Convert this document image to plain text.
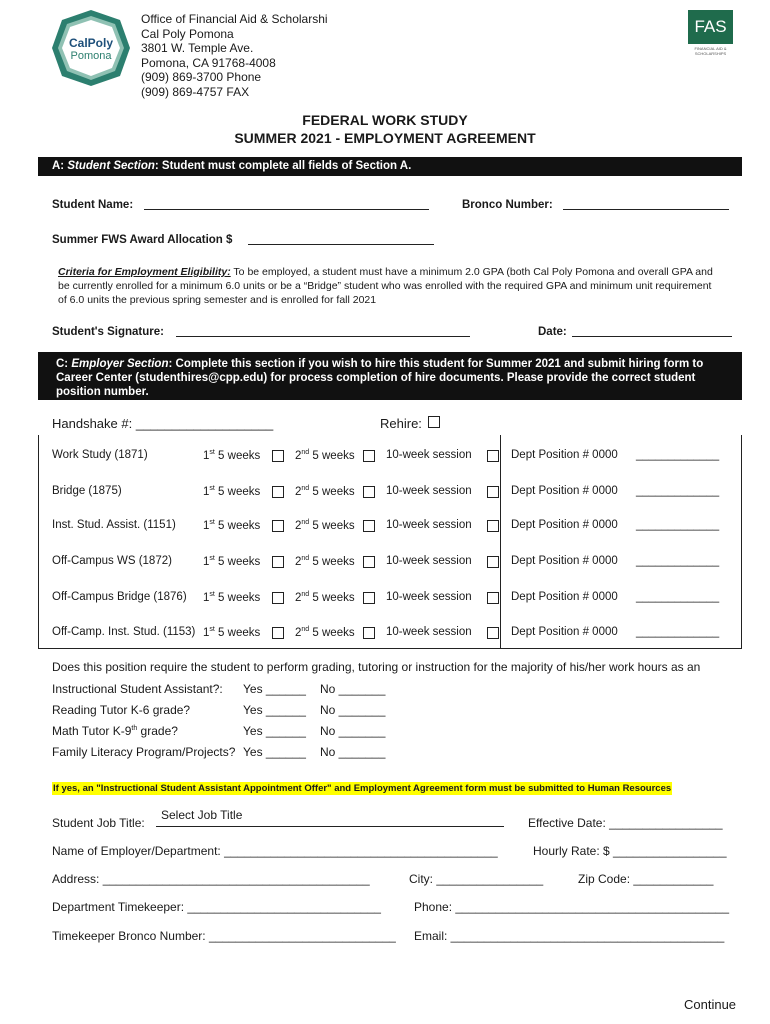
CalPoly
Pomona
Office of Financial Aid & Scholarshi
Cal Poly Pomona
3801 W. Temple Ave.
Pomona, CA 91768-4008
(909) 869-3700 Phone
(909) 869-4757 FAX
FAS
FINANCIAL AID &
SCHOLARSHIPS
FEDERAL WORK STUDY
SUMMER 2021 - EMPLOYMENT AGREEMENT
A: Student Section: Student must complete all fields of Section A.
Student Name:	Bronco Number:
Summer FWS Award Allocation $
Criteria for Employment Eligibility: To be employed, a student must have a minimum 2.0 GPA (both Cal Poly Pomona and overall GPA and be currently enrolled for a minimum 6.0 units or be a “Bridge” student who was enrolled with the required GPA and minimum unit requirement of 6.0 units the previous spring semester and is enrolled for fall 2021
Student's Signature:	Date:
C: Employer Section: Complete this section if you wish to hire this student for Summer 2021 and submit hiring form to Career Center (studenthires@cpp.edu) for process completion of hire documents. Please provide the correct student position number.
Handshake #: ___________________	Rehire:
Work Study (1871)	1st 5 weeks	2nd 5 weeks	10-week session	Dept Position # 0000 _____________
Bridge (1875)	1st 5 weeks	2nd 5 weeks	10-week session	Dept Position # 0000 _____________
Inst. Stud. Assist. (1151) 1st 5 weeks	2nd 5 weeks	10-week session	Dept Position # 0000 _____________
Off-Campus WS (1872)	1st 5 weeks	2nd 5 weeks	10-week session	Dept Position # 0000 _____________
Off-Campus Bridge (1876) 1st 5 weeks	2nd 5 weeks	10-week session	Dept Position # 0000 _____________
Off-Camp. Inst. Stud. (1153) 1st 5 weeks	2nd 5 weeks	10-week session	Dept Position # 0000 _____________
Does this position require the student to perform grading, tutoring or instruction for the majority of his/her work hours as an
Instructional Student Assistant?: Yes ______ No _______
Reading Tutor K-6 grade?	Yes ______ No _______
Math Tutor K-9th grade?	Yes ______ No _______
Family Literacy Program/Projects? Yes ______ No _______
If yes, an "Instructional Student Assistant Appointment Offer" and Employment Agreement form must be submitted to Human Resources
Student Job Title:
Select Job Title
Effective Date: _________________
Name of Employer/Department: _________________________________________	Hourly Rate: $ _________________
Address: ________________________________________	City: ________________	Zip Code: ____________
Department Timekeeper: _____________________________	Phone: _________________________________________
Timekeeper Bronco Number: ____________________________ Email: _________________________________________
Continue
